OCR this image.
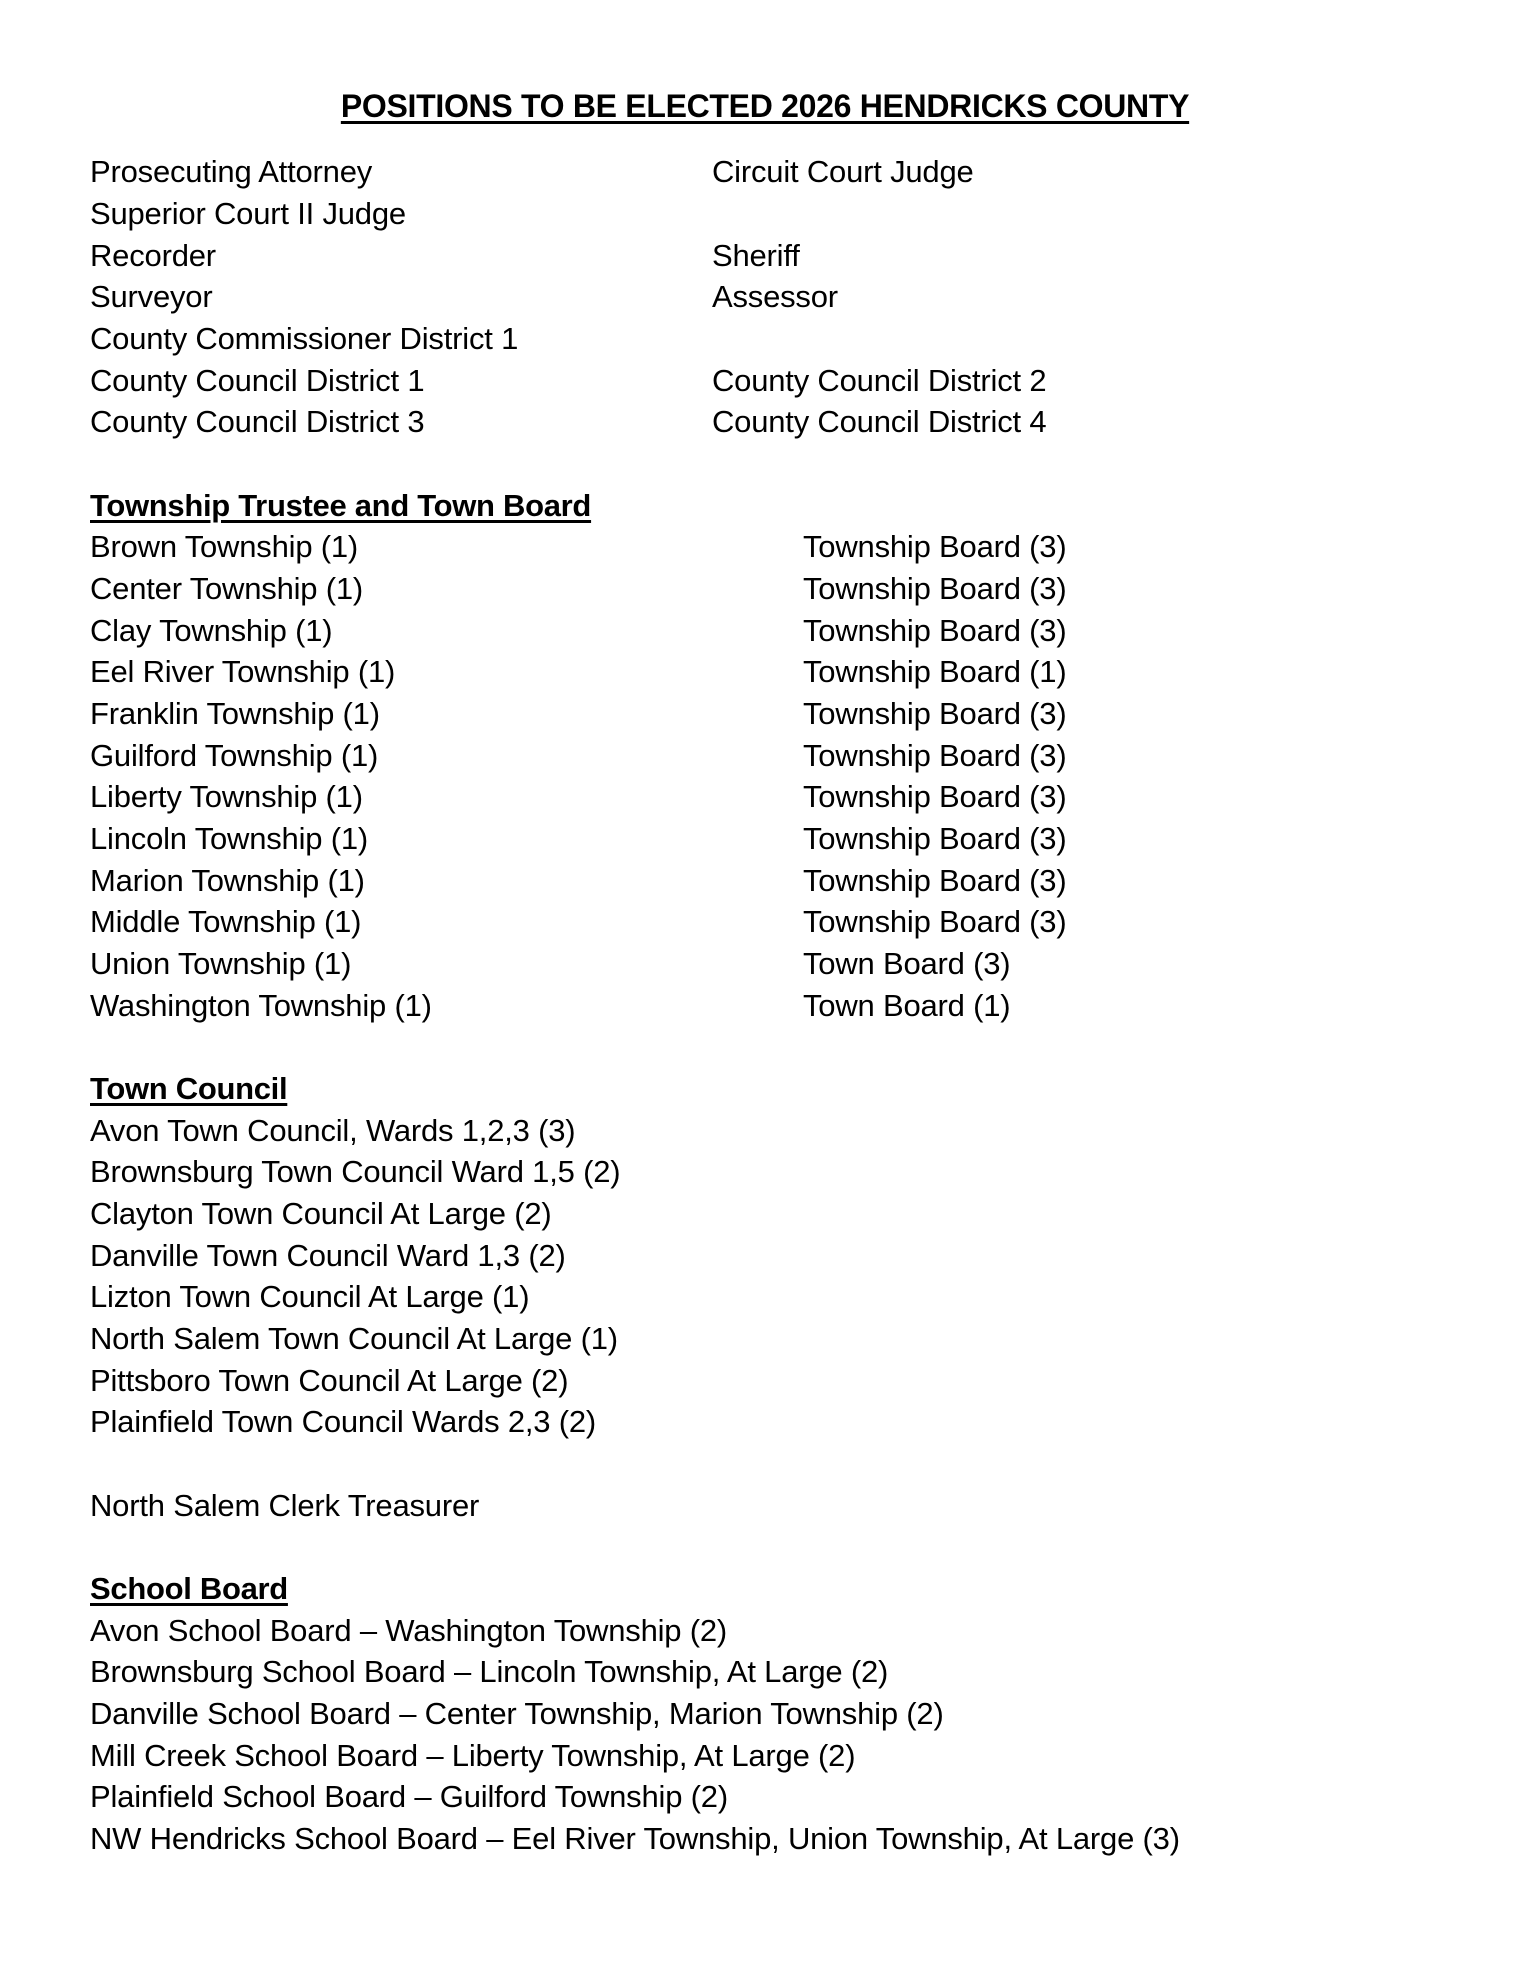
POSITIONS TO BE ELECTED 2026 HENDRICKS COUNTY
Prosecuting Attorney	Circuit Court Judge
Superior Court II Judge
Recorder	Sheriff
Surveyor	Assessor
County Commissioner District 1
County Council District 1	County Council District 2
County Council District 3	County Council District 4
Township Trustee and Town Board
Brown Township (1)	Township Board (3)
Center Township (1)	Township Board (3)
Clay Township (1)	Township Board (3)
Eel River Township (1)	Township Board (1)
Franklin Township (1)	Township Board (3)
Guilford Township (1)	Township Board (3)
Liberty Township (1)	Township Board (3)
Lincoln Township (1)	Township Board (3)
Marion Township (1)	Township Board (3)
Middle Township (1)	Township Board (3)
Union Township (1)	Town Board (3)
Washington Township (1)	Town Board (1)
Town Council
Avon Town Council, Wards 1,2,3 (3)
Brownsburg Town Council Ward 1,5 (2)
Clayton Town Council At Large (2)
Danville Town Council Ward 1,3 (2)
Lizton Town Council At Large (1)
North Salem Town Council At Large (1)
Pittsboro Town Council At Large (2)
Plainfield Town Council Wards 2,3 (2)
North Salem Clerk Treasurer
School Board
Avon School Board – Washington Township (2)
Brownsburg School Board – Lincoln Township, At Large (2)
Danville School Board – Center Township, Marion Township (2)
Mill Creek School Board – Liberty Township, At Large (2)
Plainfield School Board – Guilford Township (2)
NW Hendricks School Board – Eel River Township, Union Township, At Large (3)
